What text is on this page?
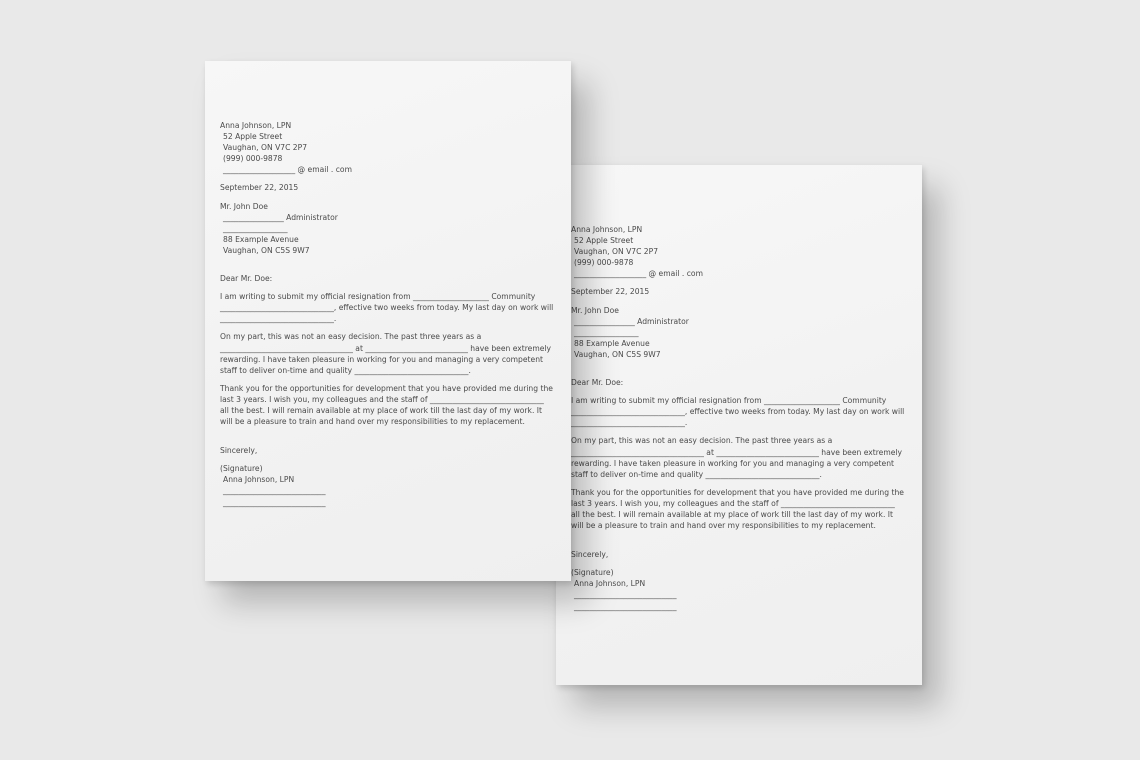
Anna Johnson, LPN
52 Apple Street
Vaughan, ON V7C 2P7
(999) 000-9878
___________________ @ email . com
September 22, 2015
Mr. John Doe
________________ Administrator
_________________
88 Example Avenue
Vaughan, ON C5S 9W7
Dear Mr. Doe:

I am writing to submit my official resignation from ____________________ Community ______________________________, effective two weeks from today. My last day on work will ______________________________.

On my part, this was not an easy decision. The past three years as a ___________________________________ at ___________________________ have been extremely rewarding. I have taken pleasure in working for you and managing a very competent staff to deliver on-time and quality ______________________________.

Thank you for the opportunities for development that you have provided me during the last 3 years. I wish you, my colleagues and the staff of ______________________________ all the best. I will remain available at my place of work till the last day of my work. It will be a pleasure to train and hand over my responsibilities to my replacement.

Sincerely,
(Signature)
Anna Johnson, LPN
___________________________
___________________________
Anna Johnson, LPN
52 Apple Street
Vaughan, ON V7C 2P7
(999) 000-9878
___________________ @ email . com
September 22, 2015
Mr. John Doe
________________ Administrator
_________________
88 Example Avenue
Vaughan, ON C5S 9W7
Dear Mr. Doe:

I am writing to submit my official resignation from ____________________ Community ______________________________, effective two weeks from today. My last day on work will ______________________________.

On my part, this was not an easy decision. The past three years as a ___________________________________ at ___________________________ have been extremely rewarding. I have taken pleasure in working for you and managing a very competent staff to deliver on-time and quality ______________________________.

Thank you for the opportunities for development that you have provided me during the last 3 years. I wish you, my colleagues and the staff of ______________________________ all the best. I will remain available at my place of work till the last day of my work. It will be a pleasure to train and hand over my responsibilities to my replacement.

Sincerely,
(Signature)
Anna Johnson, LPN
___________________________
___________________________
